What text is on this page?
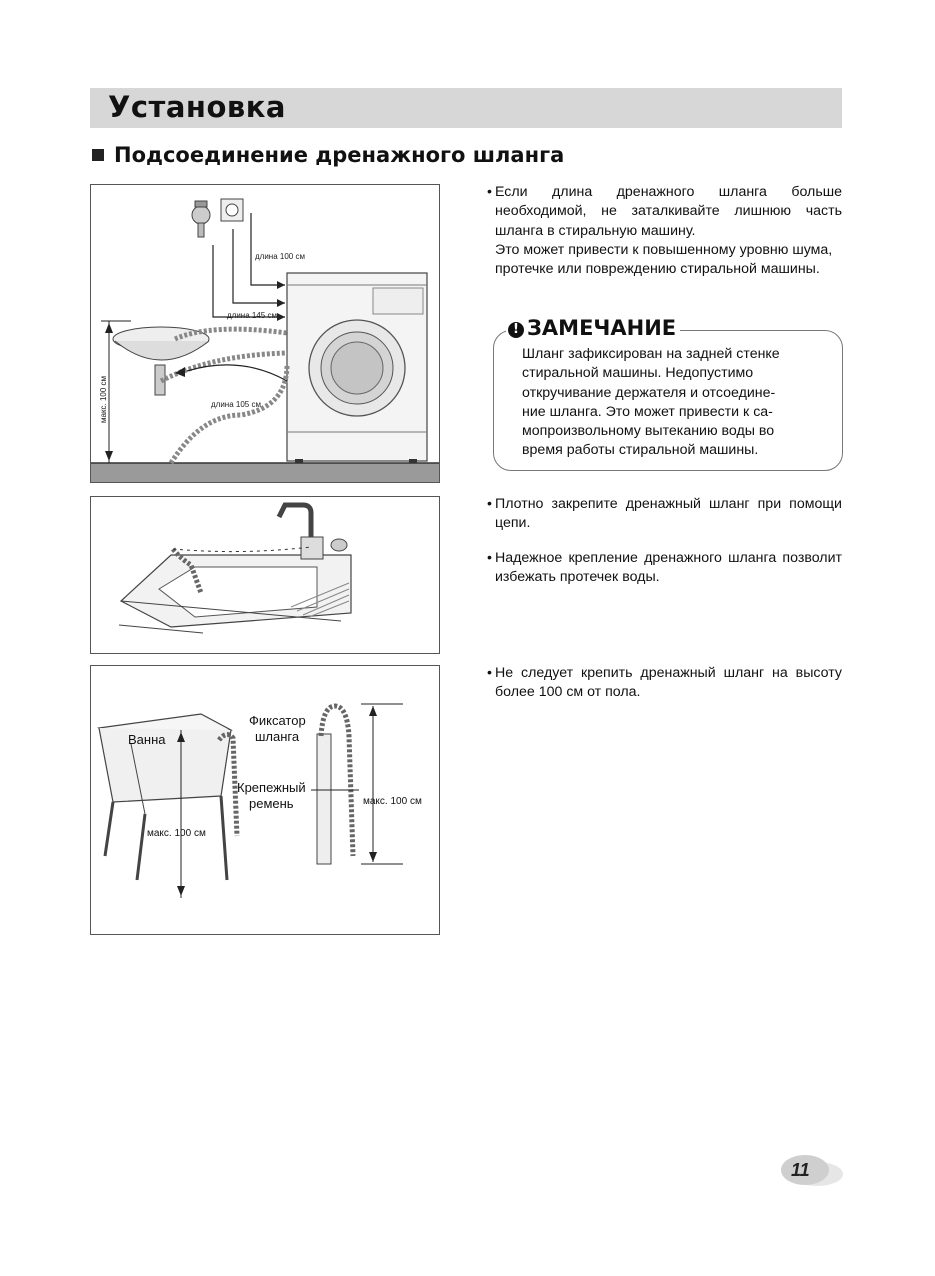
Установка
Подсоединение дренажного шланга
длина 100 см
длина 145 см
длина 105 см
макс. 100 см
Ванна
Фиксатор
шланга
Крепежный
ремень
макс. 100 см
макс. 100 см
• Если длина дренажного шланга больше необходимой, не заталкивайте лишнюю часть шланга в стиральную машину.
Это может привести к повышенному уровню шума, протечке или повреждению стиральной машины.
! ЗАМЕЧАНИЕ
Шланг зафиксирован на задней стенке
стиральной машины. Недопустимо
откручивание держателя и отсоедине-
ние шланга. Это может привести к са-
мопроизвольному вытеканию воды во
время работы стиральной машины.
• Плотно закрепите дренажный шланг при помощи цепи.
• Надежное крепление дренажного шланга позволит избежать протечек воды.
• Не следует крепить дренажный шланг на высоту более 100 см от пола.
11
